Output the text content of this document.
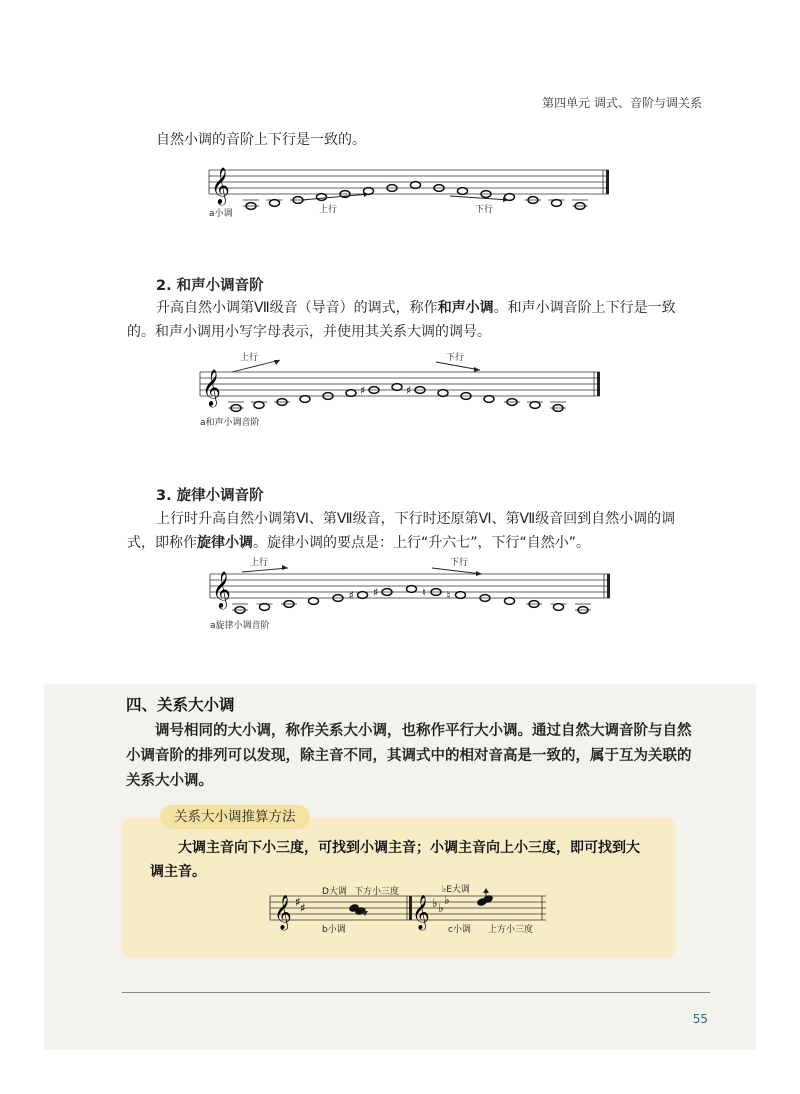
第四单元 调式、音阶与调关系
自然小调的音阶上下行是一致的。
𝄞
a小调	上行	下行
2. 和声小调音阶
升高自然小调第Ⅶ级音（导音）的调式，称作和声小调。和声小调音阶上下行是一致
的。和声小调用小写字母表示，并使用其关系大调的调号。
𝄞	♯	♯
上行	下行
a和声小调音阶
3. 旋律小调音阶
上行时升高自然小调第Ⅵ、第Ⅶ级音，下行时还原第Ⅵ、第Ⅶ级音回到自然小调的调
式，即称作旋律小调。旋律小调的要点是：上行“升六七”，下行“自然小”。
𝄞	♯ ♯	♮ ♮
上行	下行
a旋律小调音阶
四、关系大小调
调号相同的大小调，称作关系大小调，也称作平行大小调。通过自然大调音阶与自然
小调音阶的排列可以发现，除主音不同，其调式中的相对音高是一致的，属于互为关联的
关系大小调。
关系大小调推算方法
大调主音向下小三度，可找到小调主音；小调主音向上小三度，即可找到大
调主音。
𝄞 ♯ ♯
D大调 下方小三度
b小调 𝄞 ♭ ♭
♭
♭E大调
c小调 上方小三度
55
